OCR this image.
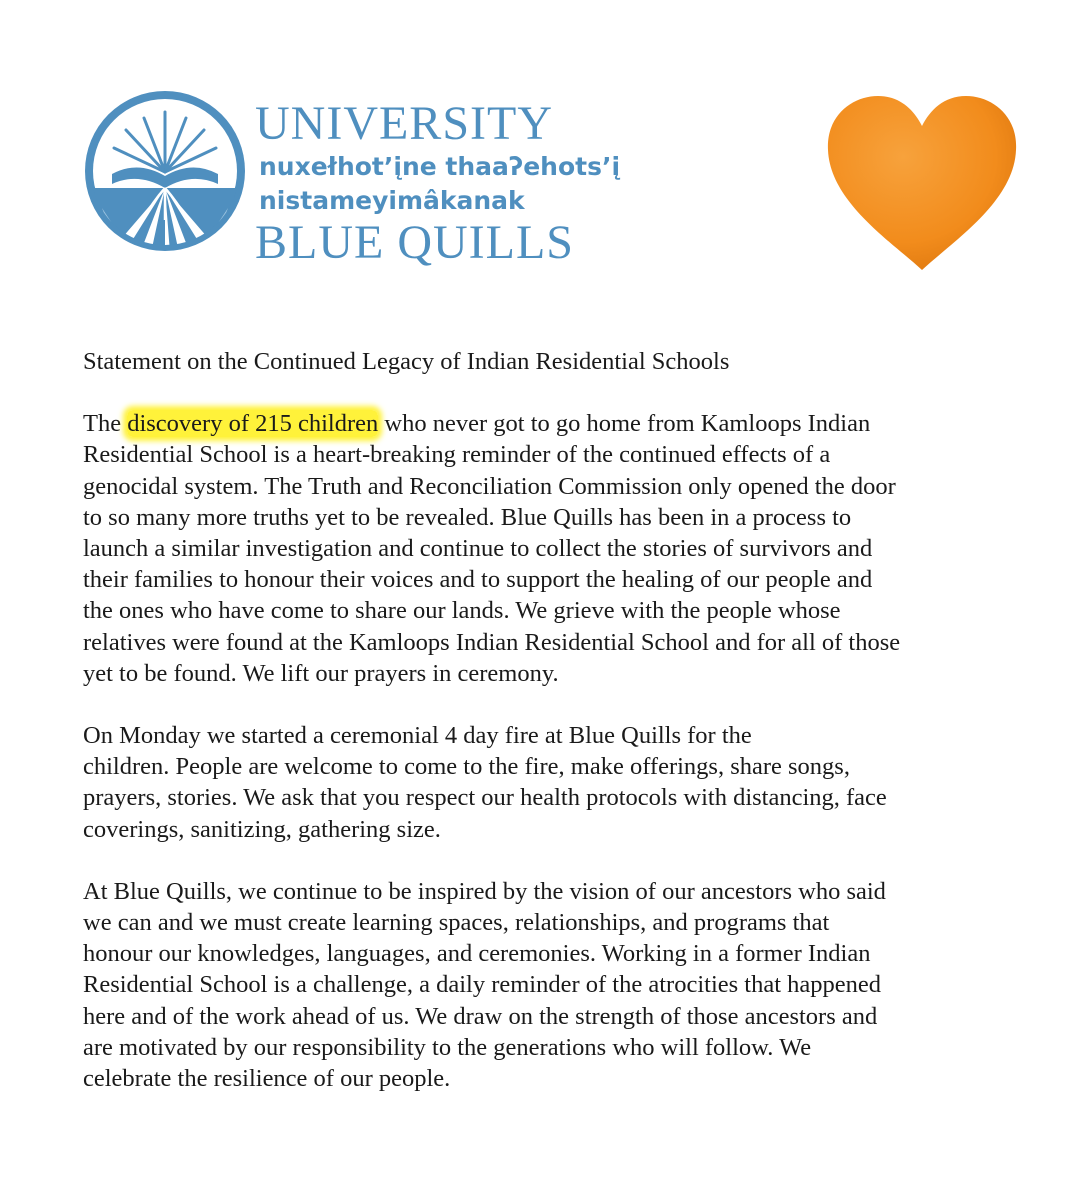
UNIVERSITY
nuxełhot’įne thaaʔehots’į
nistameyimâkanak
BLUE QUILLS

Statement on the Continued Legacy of Indian Residential Schools

The discovery of 215 children who never got to go home from Kamloops Indian
Residential School is a heart-breaking reminder of the continued effects of a
genocidal system. The Truth and Reconciliation Commission only opened the door
to so many more truths yet to be revealed. Blue Quills has been in a process to
launch a similar investigation and continue to collect the stories of survivors and
their families to honour their voices and to support the healing of our people and
the ones who have come to share our lands. We grieve with the people whose
relatives were found at the Kamloops Indian Residential School and for all of those
yet to be found. We lift our prayers in ceremony.

On Monday we started a ceremonial 4 day fire at Blue Quills for the
children. People are welcome to come to the fire, make offerings, share songs,
prayers, stories. We ask that you respect our health protocols with distancing, face
coverings, sanitizing, gathering size.

At Blue Quills, we continue to be inspired by the vision of our ancestors who said
we can and we must create learning spaces, relationships, and programs that
honour our knowledges, languages, and ceremonies. Working in a former Indian
Residential School is a challenge, a daily reminder of the atrocities that happened
here and of the work ahead of us. We draw on the strength of those ancestors and
are motivated by our responsibility to the generations who will follow. We
celebrate the resilience of our people.
